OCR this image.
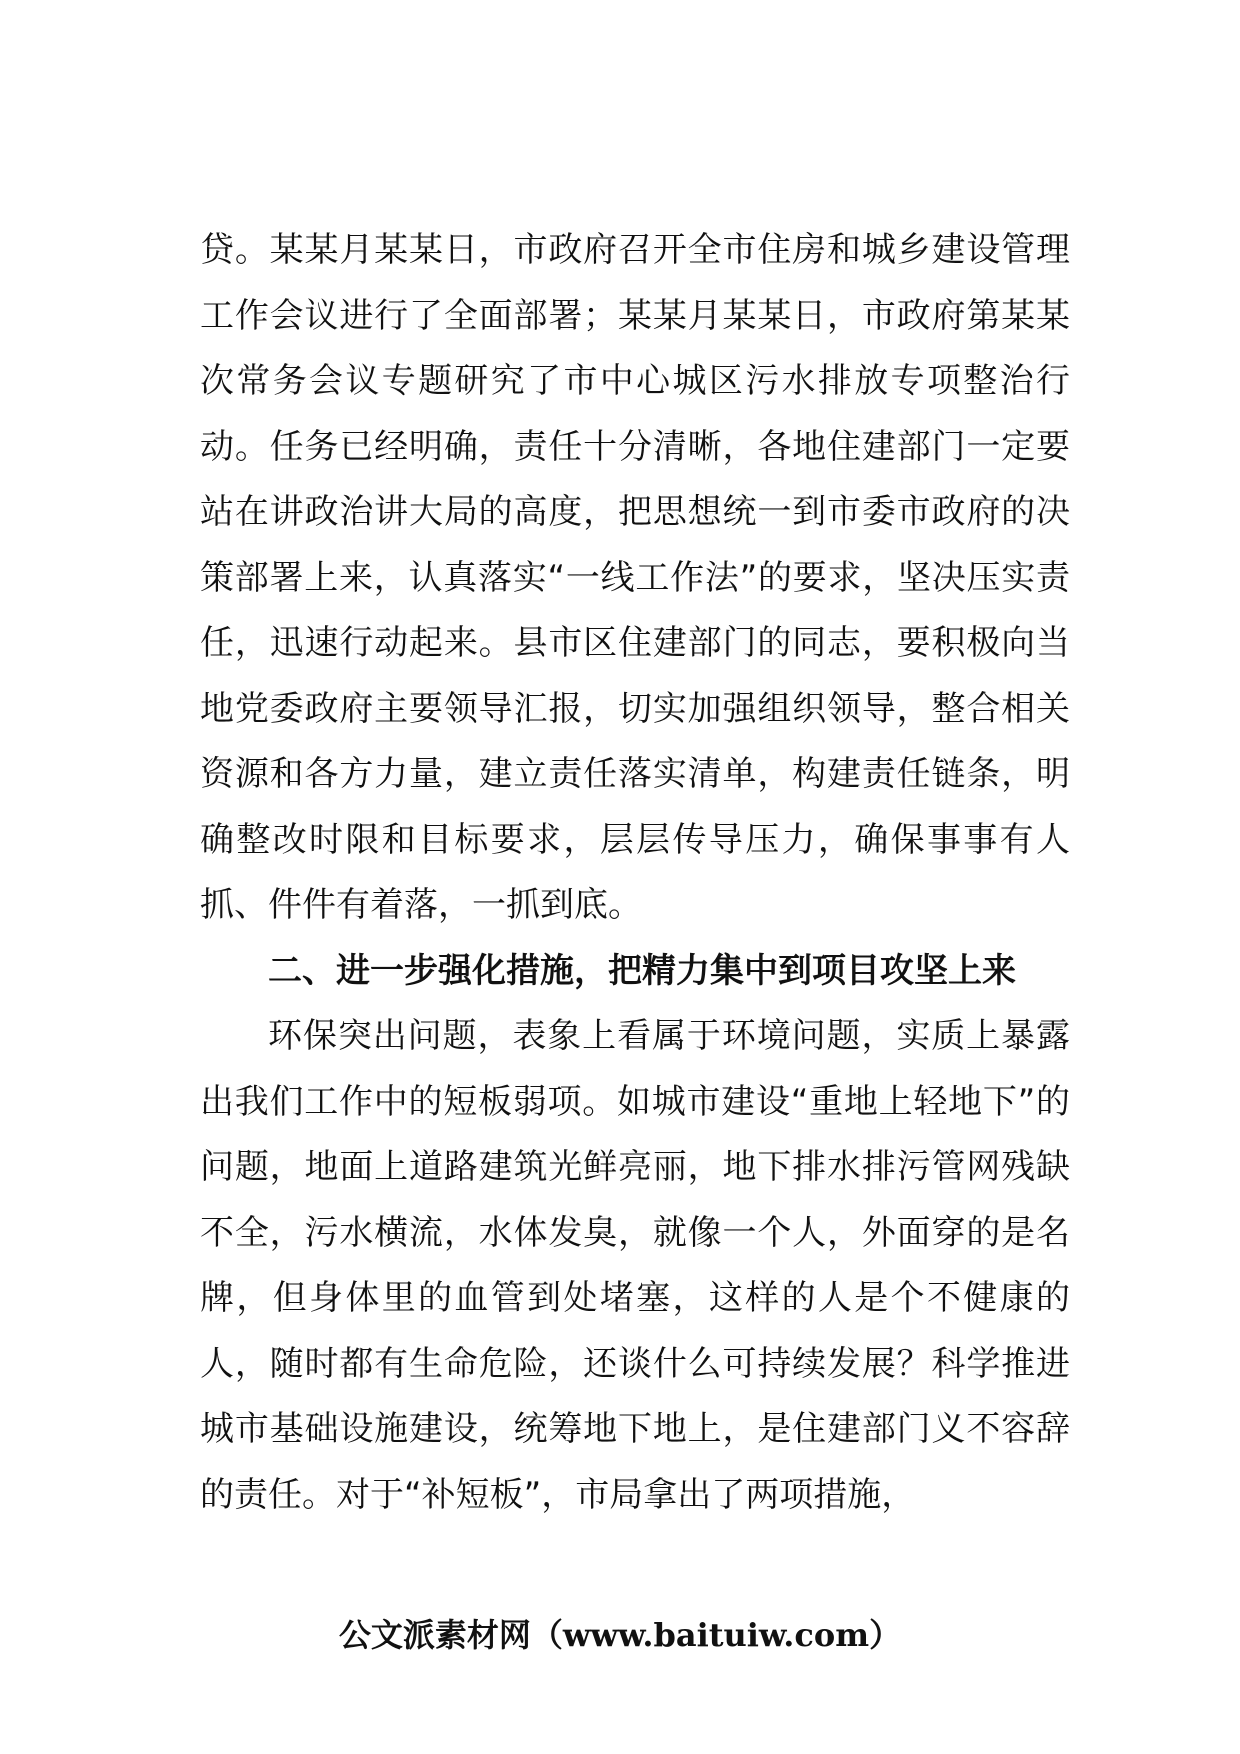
贷。某某月某某日，市政府召开全市住房和城乡建设管理工作会议进行了全面部署；某某月某某日，市政府第某某次常务会议专题研究了市中心城区污水排放专项整治行动。任务已经明确，责任十分清晰，各地住建部门一定要站在讲政治讲大局的高度，把思想统一到市委市政府的决策部署上来，认真落实“一线工作法”的要求，坚决压实责任，迅速行动起来。县市区住建部门的同志，要积极向当地党委政府主要领导汇报，切实加强组织领导，整合相关资源和各方力量，建立责任落实清单，构建责任链条，明确整改时限和目标要求，层层传导压力，确保事事有人抓、件件有着落，一抓到底。

二、进一步强化措施，把精力集中到项目攻坚上来

环保突出问题，表象上看属于环境问题，实质上暴露出我们工作中的短板弱项。如城市建设“重地上轻地下”的问题，地面上道路建筑光鲜亮丽，地下排水排污管网残缺不全，污水横流，水体发臭，就像一个人，外面穿的是名牌，但身体里的血管到处堵塞，这样的人是个不健康的人，随时都有生命危险，还谈什么可持续发展？科学推进城市基础设施建设，统筹地下地上，是住建部门义不容辞的责任。对于“补短板”，市局拿出了两项措施，

公文派素材网（www.baituiw.com）
